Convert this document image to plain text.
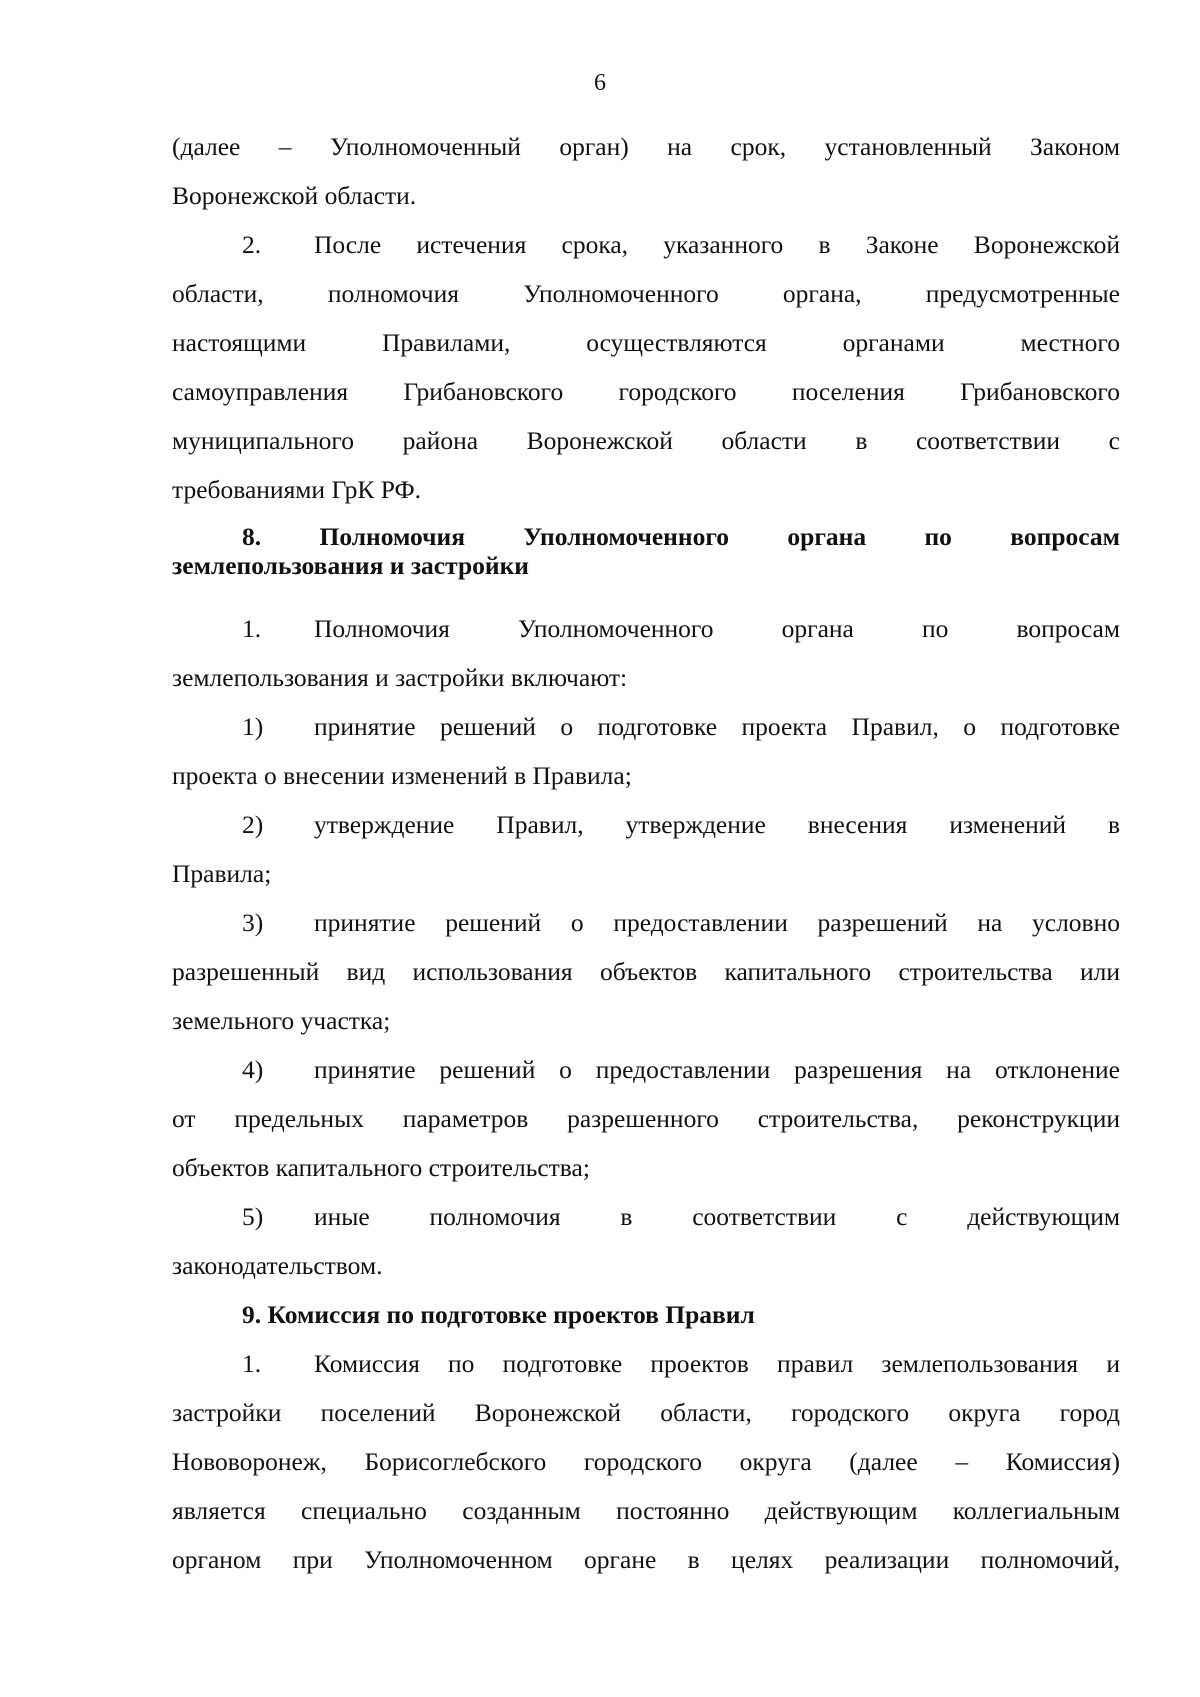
6
(далее – Уполномоченный орган) на срок, установленный Законом
Воронежской области.
2.	После истечения срока, указанного в Законе Воронежской
области, полномочия Уполномоченного органа, предусмотренные
настоящими Правилами, осуществляются органами местного
самоуправления Грибановского городского поселения Грибановского
муниципального района Воронежской области в соответствии с
требованиями ГрК РФ.
8. Полномочия Уполномоченного органа по вопросам
землепользования и застройки
1.	Полномочия Уполномоченного органа по вопросам
землепользования и застройки включают:
1)	принятие решений о подготовке проекта Правил, о подготовке
проекта о внесении изменений в Правила;
2)	утверждение Правил, утверждение внесения изменений в
Правила;
3)	принятие решений о предоставлении разрешений на условно
разрешенный вид использования объектов капитального строительства или
земельного участка;
4)	принятие решений о предоставлении разрешения на отклонение
от предельных параметров разрешенного строительства, реконструкции
объектов капитального строительства;
5)	иные полномочия в соответствии с действующим
законодательством.
9. Комиссия по подготовке проектов Правил
1.	Комиссия по подготовке проектов правил землепользования и
застройки поселений Воронежской области, городского округа город
Нововоронеж, Борисоглебского городского округа (далее – Комиссия)
является специально созданным постоянно действующим коллегиальным
органом при Уполномоченном органе в целях реализации полномочий,
